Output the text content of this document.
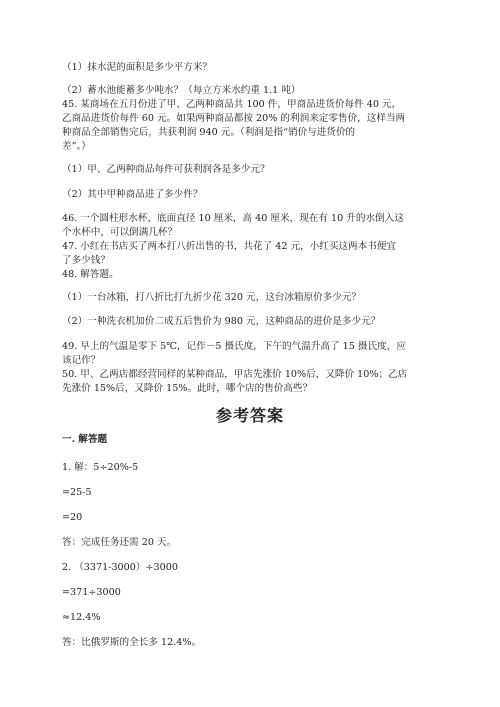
（1）抹水泥的面积是多少平方米？
（2）蓄水池能蓄多少吨水？（每立方米水约重 1.1 吨）
45. 某商场在五月份进了甲、乙两种商品共 100 件，甲商品进货价每件 40 元，
乙商品进货价每件 60 元。如果两种商品都按 20% 的利润来定零售价，这样当两
种商品全部销售完后，共获利润 940 元。（利润是指“销价与进货价的
差”。）
（1）甲、乙两种商品每件可获利润各是多少元？
（2）其中甲种商品进了多少件？
46. 一个圆柱形水杯，底面直径 10 厘米，高 40 厘米，现在有 10 升的水倒入这
个水杯中，可以倒满几杯？
47. 小红在书店买了两本打八折出售的书，共花了 42 元，小红买这两本书便宜
了多少钱？
48. 解答题。
（1）一台冰箱，打八折比打九折少花 320 元，这台冰箱原价多少元？
（2）一种洗衣机加价二成五后售价为 980 元，这种商品的进价是多少元？
49. 早上的气温是零下 5℃，记作－5 摄氏度，下午的气温升高了 15 摄氏度，应
该记作？
50. 甲、乙两店都经营同样的某种商品，甲店先涨价 10%后，又降价 10%；乙店
先涨价 15%后，又降价 15%。此时，哪个店的售价高些？
参考答案
一. 解答题
1. 解：5÷20%-5
=25-5
=20
答：完成任务还需 20 天。
2. （3371-3000）÷3000
=371÷3000
≈12.4%
答：比俄罗斯的全长多 12.4%。
